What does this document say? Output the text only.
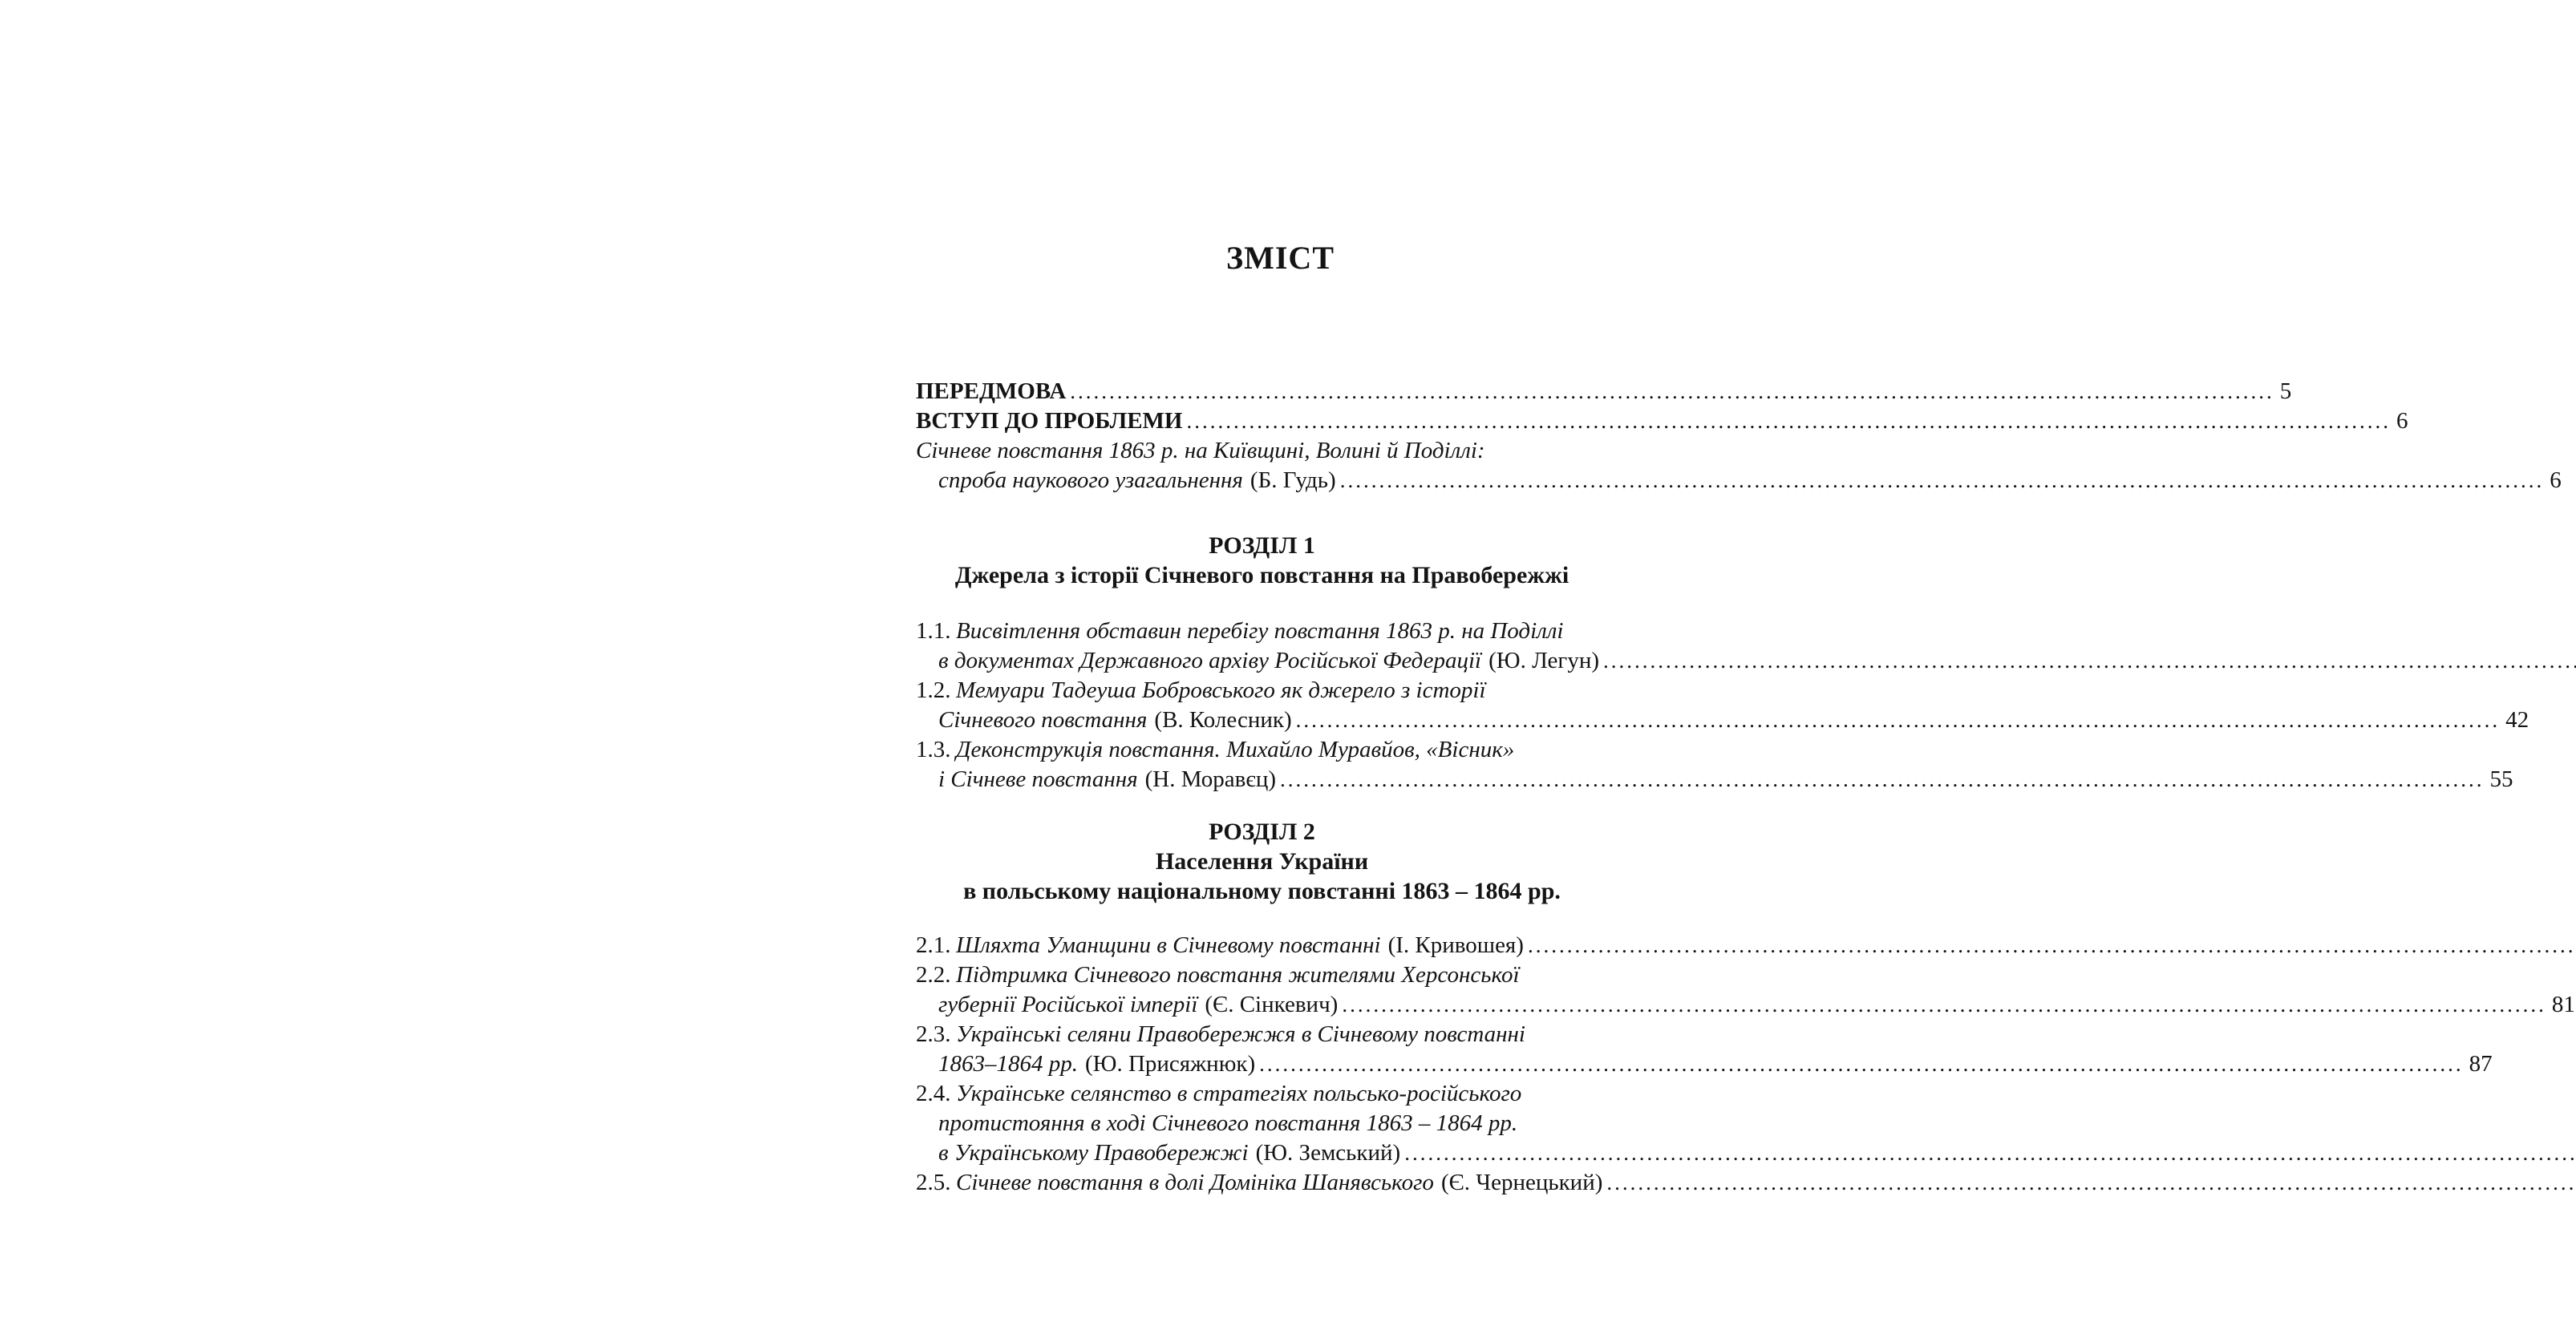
ЗМІСТ
ПЕРЕДМОВА .....	5
ВСТУП ДО ПРОБЛЕМИ .....	6
Січневе повстання 1863 р. на Київщині, Волині й Поділлі:
спроба наукового узагальнення (Б. Гудь) .....	6
РОЗДІЛ 1
Джерела з історії Січневого повстання на Правобережжі
1.1. Висвітлення обставин перебігу повстання 1863 р. на Поділлі
в документах Державного архіву Російської Федерації (Ю. Легун)
.....
1.2. Мемуари Тадеуша Бобровського як джерело з історії
Січневого повстання (В. Колесник) .....	42
1.3. Деконструкція повстання. Михайло Муравйов, «Вісник»
і Січневе повстання (Н. Моравєц) .....	55
РОЗДІЛ 2
Населення України
в польському національному повстанні 1863 – 1864 рр.
2.1. Шляхта Уманщини в Січневому повстанні (І. Кривошея)
.....
2.2. Підтримка Січневого повстання жителями Херсонської
губернії Російської імперії (Є. Сінкевич) .....	81
2.3. Українські селяни Правобережжя в Січневому повстанні
1863–1864 рр. (Ю. Присяжнюк) .....	87
2.4. Українське селянство в стратегіях польсько-російського
протистояння в ході Січневого повстання 1863 – 1864 рр.
в Українському Правобережжі (Ю. Земський)
.....
2.5. Січневе повстання в долі Домініка Шанявського (Є. Чернецький)
.....
